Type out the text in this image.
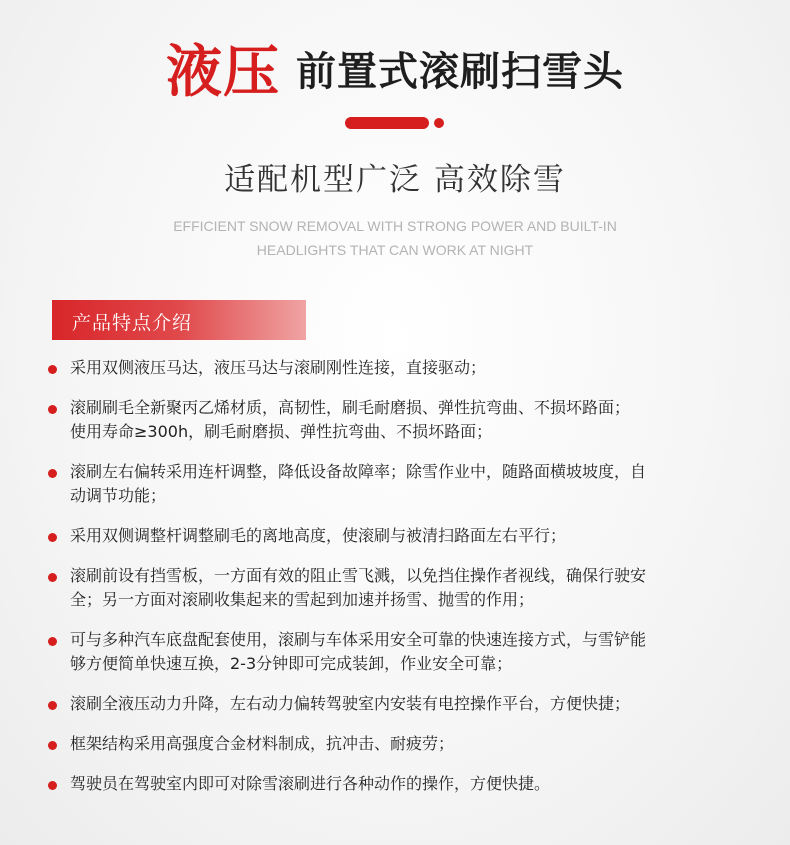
液压 前置式滚刷扫雪头
适配机型广泛 高效除雪
EFFICIENT SNOW REMOVAL WITH STRONG POWER AND BUILT-IN
HEADLIGHTS THAT CAN WORK AT NIGHT
产品特点介绍
采用双侧液压马达，液压马达与滚刷刚性连接，直接驱动；
滚刷刷毛全新聚丙乙烯材质，高韧性，刷毛耐磨损、弹性抗弯曲、不损坏路面；
使用寿命≥300h，刷毛耐磨损、弹性抗弯曲、不损坏路面；
滚刷左右偏转采用连杆调整，降低设备故障率；除雪作业中，随路面横坡坡度，自
动调节功能；
采用双侧调整杆调整刷毛的离地高度，使滚刷与被清扫路面左右平行；
滚刷前设有挡雪板，一方面有效的阻止雪飞溅，以免挡住操作者视线，确保行驶安
全；另一方面对滚刷收集起来的雪起到加速并扬雪、抛雪的作用；
可与多种汽车底盘配套使用，滚刷与车体采用安全可靠的快速连接方式，与雪铲能
够方便简单快速互换，2-3分钟即可完成装卸，作业安全可靠；
滚刷全液压动力升降，左右动力偏转驾驶室内安装有电控操作平台，方便快捷；
框架结构采用高强度合金材料制成，抗冲击、耐疲劳；
驾驶员在驾驶室内即可对除雪滚刷进行各种动作的操作，方便快捷。
